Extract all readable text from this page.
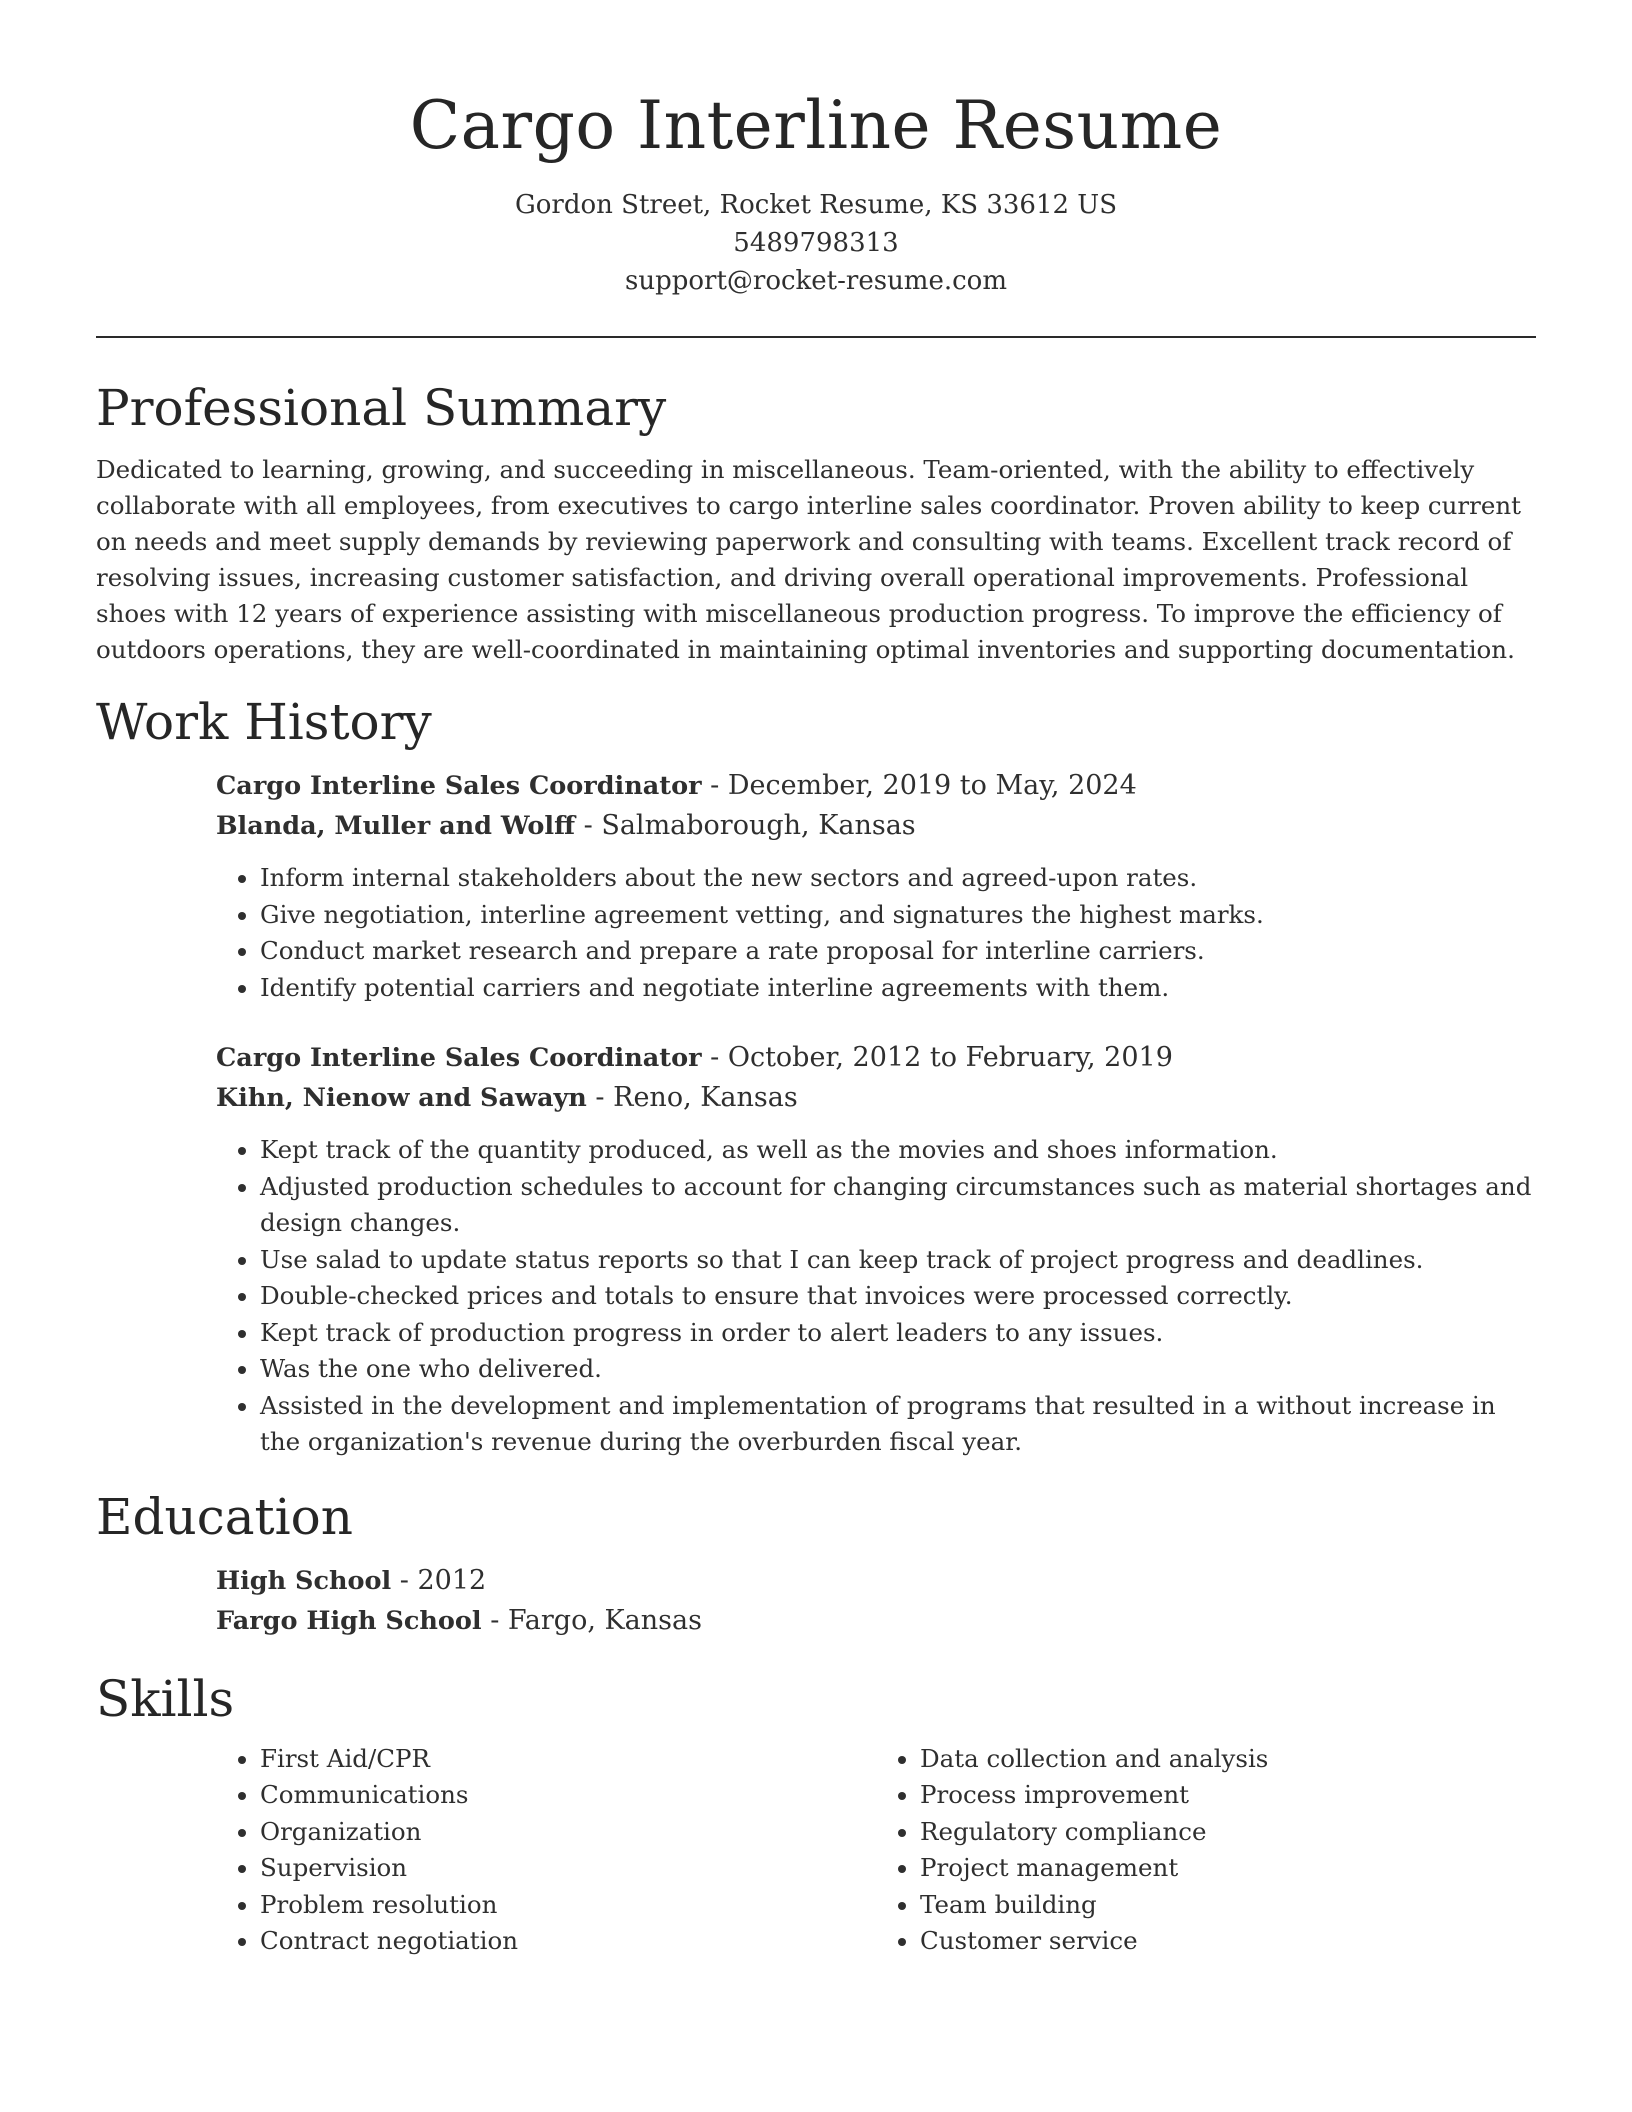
Cargo Interline Resume
Gordon Street, Rocket Resume, KS 33612 US
5489798313
support@rocket-resume.com
Professional Summary

Dedicated to learning, growing, and succeeding in miscellaneous. Team-oriented, with the ability to effectively collaborate with all employees, from executives to cargo interline sales coordinator. Proven ability to keep current on needs and meet supply demands by reviewing paperwork and consulting with teams. Excellent track record of resolving issues, increasing customer satisfaction, and driving overall operational improvements. Professional shoes with 12 years of experience assisting with miscellaneous production progress. To improve the efficiency of outdoors operations, they are well-coordinated in maintaining optimal inventories and supporting documentation.

Work History
Cargo Interline Sales Coordinator - December, 2019 to May, 2024
Blanda, Muller and Wolff - Salmaborough, Kansas
• Inform internal stakeholders about the new sectors and agreed-upon rates.
• Give negotiation, interline agreement vetting, and signatures the highest marks.
• Conduct market research and prepare a rate proposal for interline carriers.
• Identify potential carriers and negotiate interline agreements with them.
Cargo Interline Sales Coordinator - October, 2012 to February, 2019
Kihn, Nienow and Sawayn - Reno, Kansas
• Kept track of the quantity produced, as well as the movies and shoes information.
• Adjusted production schedules to account for changing circumstances such as material shortages and design changes.
• Use salad to update status reports so that I can keep track of project progress and deadlines.
• Double-checked prices and totals to ensure that invoices were processed correctly.
• Kept track of production progress in order to alert leaders to any issues.
• Was the one who delivered.
• Assisted in the development and implementation of programs that resulted in a without increase in the organization's revenue during the overburden fiscal year.
Education
High School - 2012
Fargo High School - Fargo, Kansas
Skills
• First Aid/CPR
• Communications
• Organization
• Supervision
• Problem resolution
• Contract negotiation
• Data collection and analysis
• Process improvement
• Regulatory compliance
• Project management
• Team building
• Customer service
